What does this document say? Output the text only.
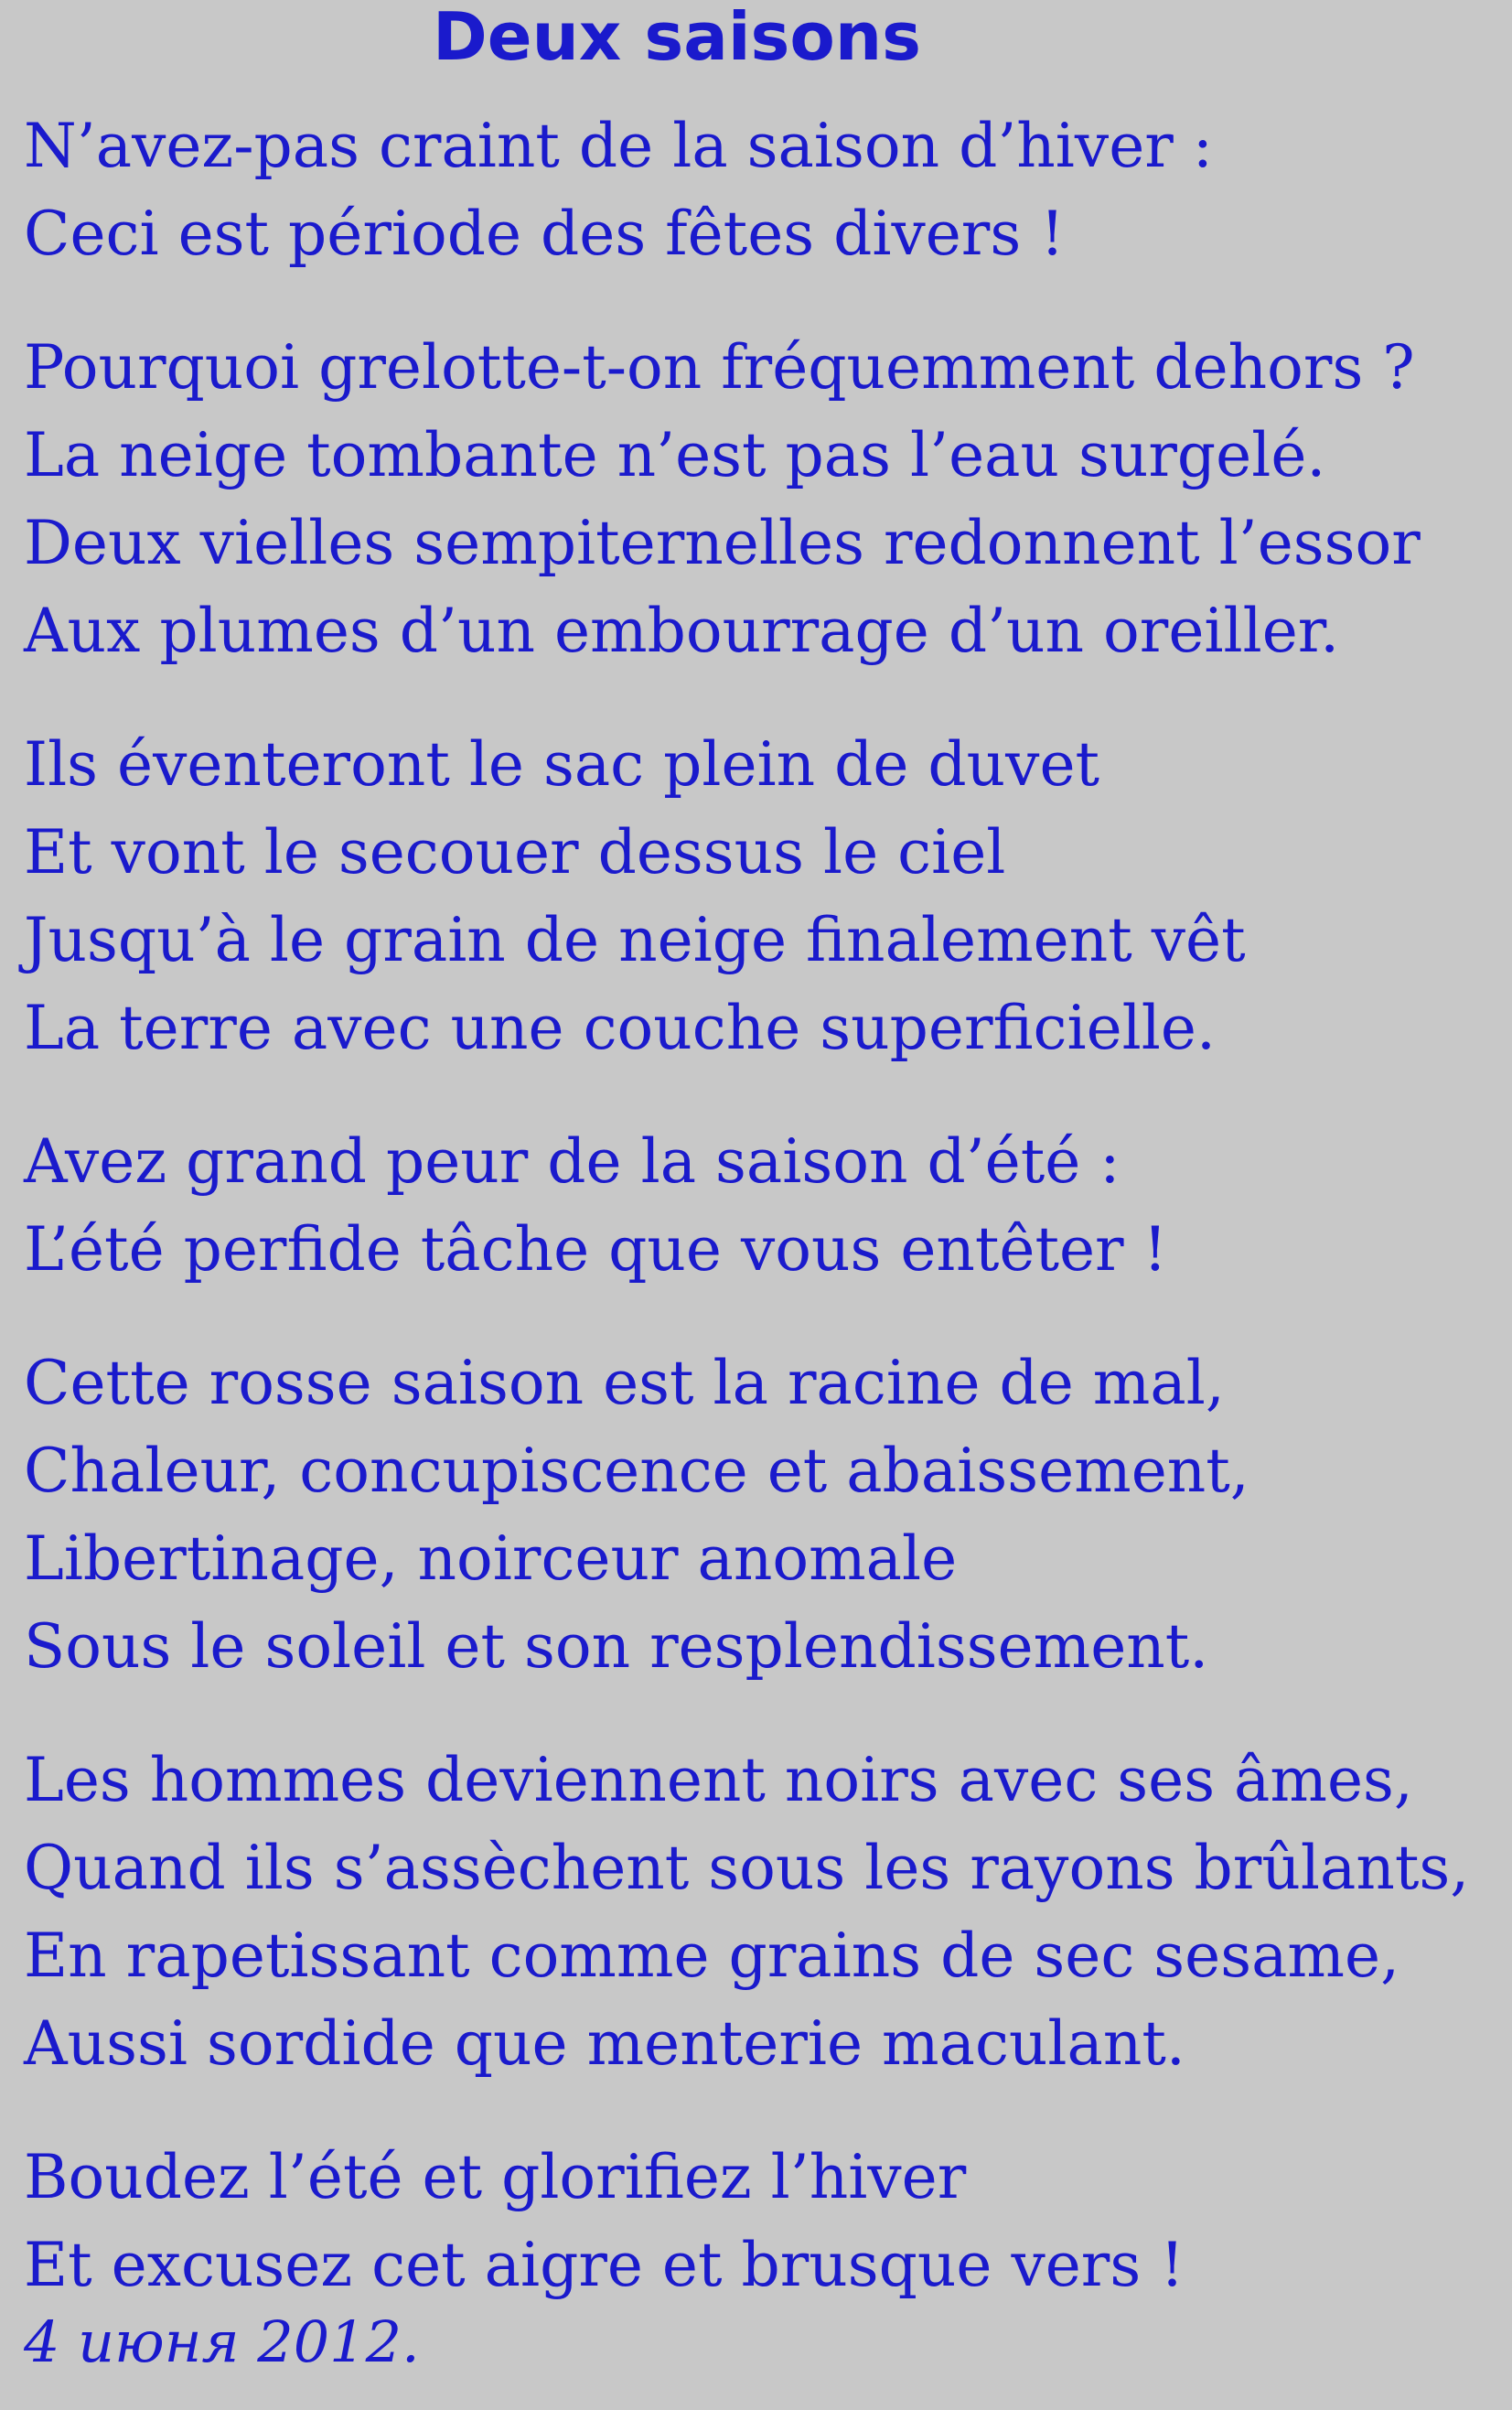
Deux saisons
N’avez-pas craint de la saison d’hiver :
Ceci est période des fêtes divers !
Pourquoi grelotte-t-on fréquemment dehors ?
La neige tombante n’est pas l’eau surgelé.
Deux vielles sempiternelles redonnent l’essor
Aux plumes d’un embourrage d’un oreiller.
Ils éventeront le sac plein de duvet
Et vont le secouer dessus le ciel
Jusqu’à le grain de neige finalement vêt
La terre avec une couche superficielle.
Avez grand peur de la saison d’été :
L’été perfide tâche que vous entêter !
Cette rosse saison est la racine de mal,
Chaleur, concupiscence et abaissement,
Libertinage, noirceur anomale
Sous le soleil et son resplendissement.
Les hommes deviennent noirs avec ses âmes,
Quand ils s’assèchent sous les rayons brûlants,
En rapetissant comme grains de sec sesame,
Aussi sordide que menterie maculant.
Boudez l’été et glorifiez l’hiver
Et excusez cet aigre et brusque vers !
4 июня 2012.
